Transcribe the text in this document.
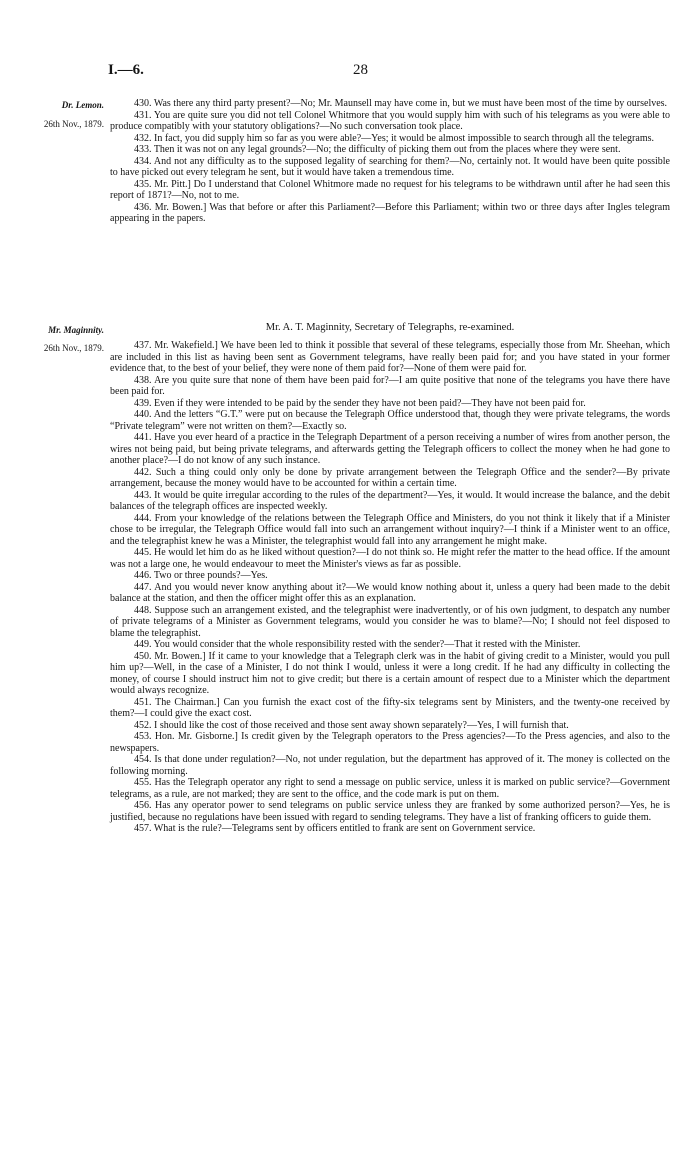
I.—6.	28
Dr. Lemon.
26th Nov., 1879.

430. Was there any third party present?—No; Mr. Maunsell may have come in, but we must have been most of the time by ourselves.

431. You are quite sure you did not tell Colonel Whitmore that you would supply him with such of his telegrams as you were able to produce compatibly with your statutory obligations?—No such conversation took place.

432. In fact, you did supply him so far as you were able?—Yes; it would be almost impossible to search through all the telegrams.

433. Then it was not on any legal grounds?—No; the difficulty of picking them out from the places where they were sent.

434. And not any difficulty as to the supposed legality of searching for them?—No, certainly not. It would have been quite possible to have picked out every telegram he sent, but it would have taken a tremendous time.

435. Mr. Pitt.] Do I understand that Colonel Whitmore made no request for his telegrams to be withdrawn until after he had seen this report of 1871?—No, not to me.

436. Mr. Bowen.] Was that before or after this Parliament?—Before this Parliament; within two or three days after Ingles telegram appearing in the papers.

Mr. Maginnity.
26th Nov., 1879.
Mr. A. T. Maginnity, Secretary of Telegraphs, re-examined.

437. Mr. Wakefield.] We have been led to think it possible that several of these telegrams, especially those from Mr. Sheehan, which are included in this list as having been sent as Government telegrams, have really been paid for; and you have stated in your former evidence that, to the best of your belief, they were none of them paid for?—None of them were paid for.

438. Are you quite sure that none of them have been paid for?—I am quite positive that none of the telegrams you have there have been paid for.

439. Even if they were intended to be paid by the sender they have not been paid?—They have not been paid for.

440. And the letters “G.T.” were put on because the Telegraph Office understood that, though they were private telegrams, the words “Private telegram” were not written on them?—Exactly so.

441. Have you ever heard of a practice in the Telegraph Department of a person receiving a number of wires from another person, the wires not being paid, but being private telegrams, and afterwards getting the Telegraph officers to collect the money when he had gone to another place?—I do not know of any such instance.

442. Such a thing could only only be done by private arrangement between the Telegraph Office and the sender?—By private arrangement, because the money would have to be accounted for within a certain time.

443. It would be quite irregular according to the rules of the department?—Yes, it would. It would increase the balance, and the debit balances of the telegraph offices are inspected weekly.

444. From your knowledge of the relations between the Telegraph Office and Ministers, do you not think it likely that if a Minister chose to be irregular, the Telegraph Office would fall into such an arrangement without inquiry?—I think if a Minister went to an office, and the telegraphist knew he was a Minister, the telegraphist would fall into any arrangement he might make.

445. He would let him do as he liked without question?—I do not think so. He might refer the matter to the head office. If the amount was not a large one, he would endeavour to meet the Minister's views as far as possible.

446. Two or three pounds?—Yes.

447. And you would never know anything about it?—We would know nothing about it, unless a query had been made to the debit balance at the station, and then the officer might offer this as an explanation.

448. Suppose such an arrangement existed, and the telegraphist were inadvertently, or of his own judgment, to despatch any number of private telegrams of a Minister as Government telegrams, would you consider he was to blame?—No; I should not feel disposed to blame the telegraphist.

449. You would consider that the whole responsibility rested with the sender?—That it rested with the Minister.

450. Mr. Bowen.] If it came to your knowledge that a Telegraph clerk was in the habit of giving credit to a Minister, would you pull him up?—Well, in the case of a Minister, I do not think I would, unless it were a long credit. If he had any difficulty in collecting the money, of course I should instruct him not to give credit; but there is a certain amount of respect due to a Minister which the department would always recognize.

451. The Chairman.] Can you furnish the exact cost of the fifty-six telegrams sent by Ministers, and the twenty-one received by them?—I could give the exact cost.

452. I should like the cost of those received and those sent away shown separately?—Yes, I will furnish that.

453. Hon. Mr. Gisborne.] Is credit given by the Telegraph operators to the Press agencies?—To the Press agencies, and also to the newspapers.

454. Is that done under regulation?—No, not under regulation, but the department has approved of it. The money is collected on the following morning.

455. Has the Telegraph operator any right to send a message on public service, unless it is marked on public service?—Government telegrams, as a rule, are not marked; they are sent to the office, and the code mark is put on them.

456. Has any operator power to send telegrams on public service unless they are franked by some authorized person?—Yes, he is justified, because no regulations have been issued with regard to sending telegrams. They have a list of franking officers to guide them.

457. What is the rule?—Telegrams sent by officers entitled to frank are sent on Government service.
